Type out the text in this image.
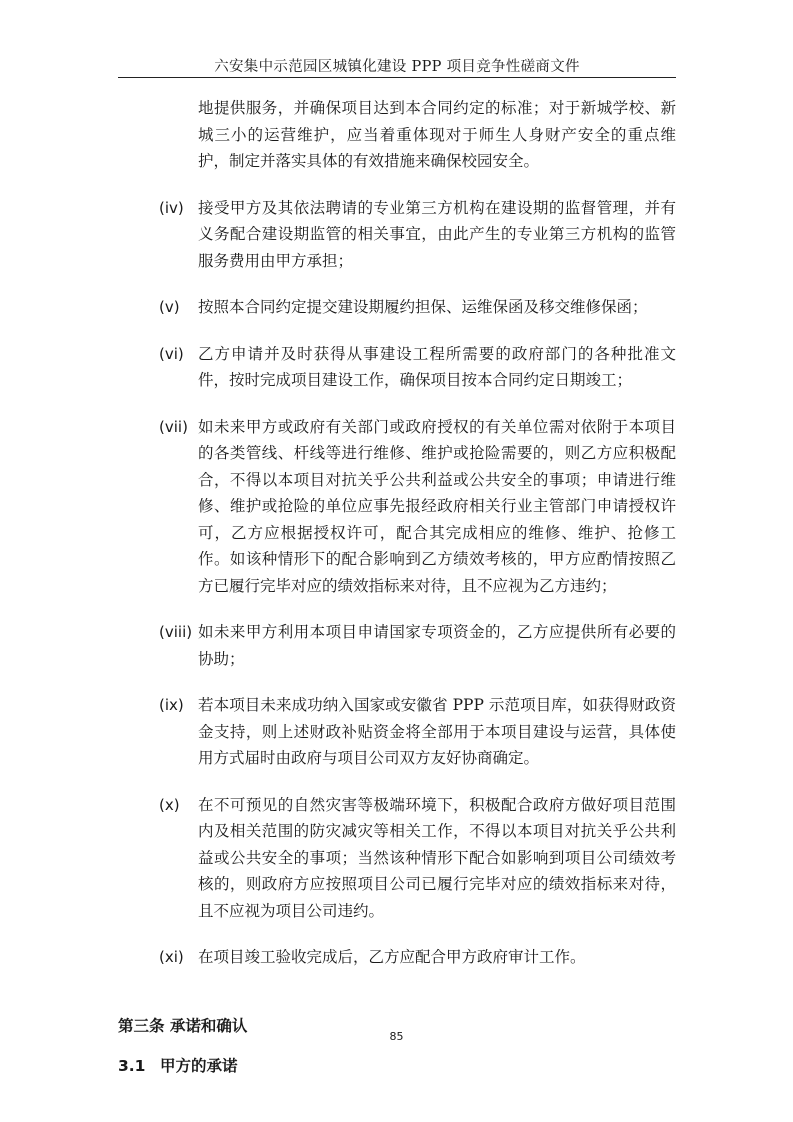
六安集中示范园区城镇化建设 PPP 项目竞争性磋商文件
地提供服务，并确保项目达到本合同约定的标准；对于新城学校、新城三小的运营维护，应当着重体现对于师生人身财产安全的重点维护，制定并落实具体的有效措施来确保校园安全。
(iv) 接受甲方及其依法聘请的专业第三方机构在建设期的监督管理，并有义务配合建设期监管的相关事宜，由此产生的专业第三方机构的监管服务费用由甲方承担；
(v)	按照本合同约定提交建设期履约担保、运维保函及移交维修保函；
(vi) 乙方申请并及时获得从事建设工程所需要的政府部门的各种批准文件，按时完成项目建设工作，确保项目按本合同约定日期竣工；
(vii) 如未来甲方或政府有关部门或政府授权的有关单位需对依附于本项目的各类管线、杆线等进行维修、维护或抢险需要的，则乙方应积极配合，不得以本项目对抗关乎公共利益或公共安全的事项；申请进行维修、维护或抢险的单位应事先报经政府相关行业主管部门申请授权许可，乙方应根据授权许可，配合其完成相应的维修、维护、抢修工作。如该种情形下的配合影响到乙方绩效考核的，甲方应酌情按照乙方已履行完毕对应的绩效指标来对待，且不应视为乙方违约；
(viii) 如未来甲方利用本项目申请国家专项资金的，乙方应提供所有必要的协助；
(ix) 若本项目未来成功纳入国家或安徽省 PPP 示范项目库，如获得财政资金支持，则上述财政补贴资金将全部用于本项目建设与运营，具体使用方式届时由政府与项目公司双方友好协商确定。
(x)	在不可预见的自然灾害等极端环境下，积极配合政府方做好项目范围内及相关范围的防灾减灾等相关工作，不得以本项目对抗关乎公共利益或公共安全的事项；当然该种情形下配合如影响到项目公司绩效考核的，则政府方应按照项目公司已履行完毕对应的绩效指标来对待，且不应视为项目公司违约。
(xi) 在项目竣工验收完成后，乙方应配合甲方政府审计工作。
第三条 承诺和确认
3.1 甲方的承诺
85
